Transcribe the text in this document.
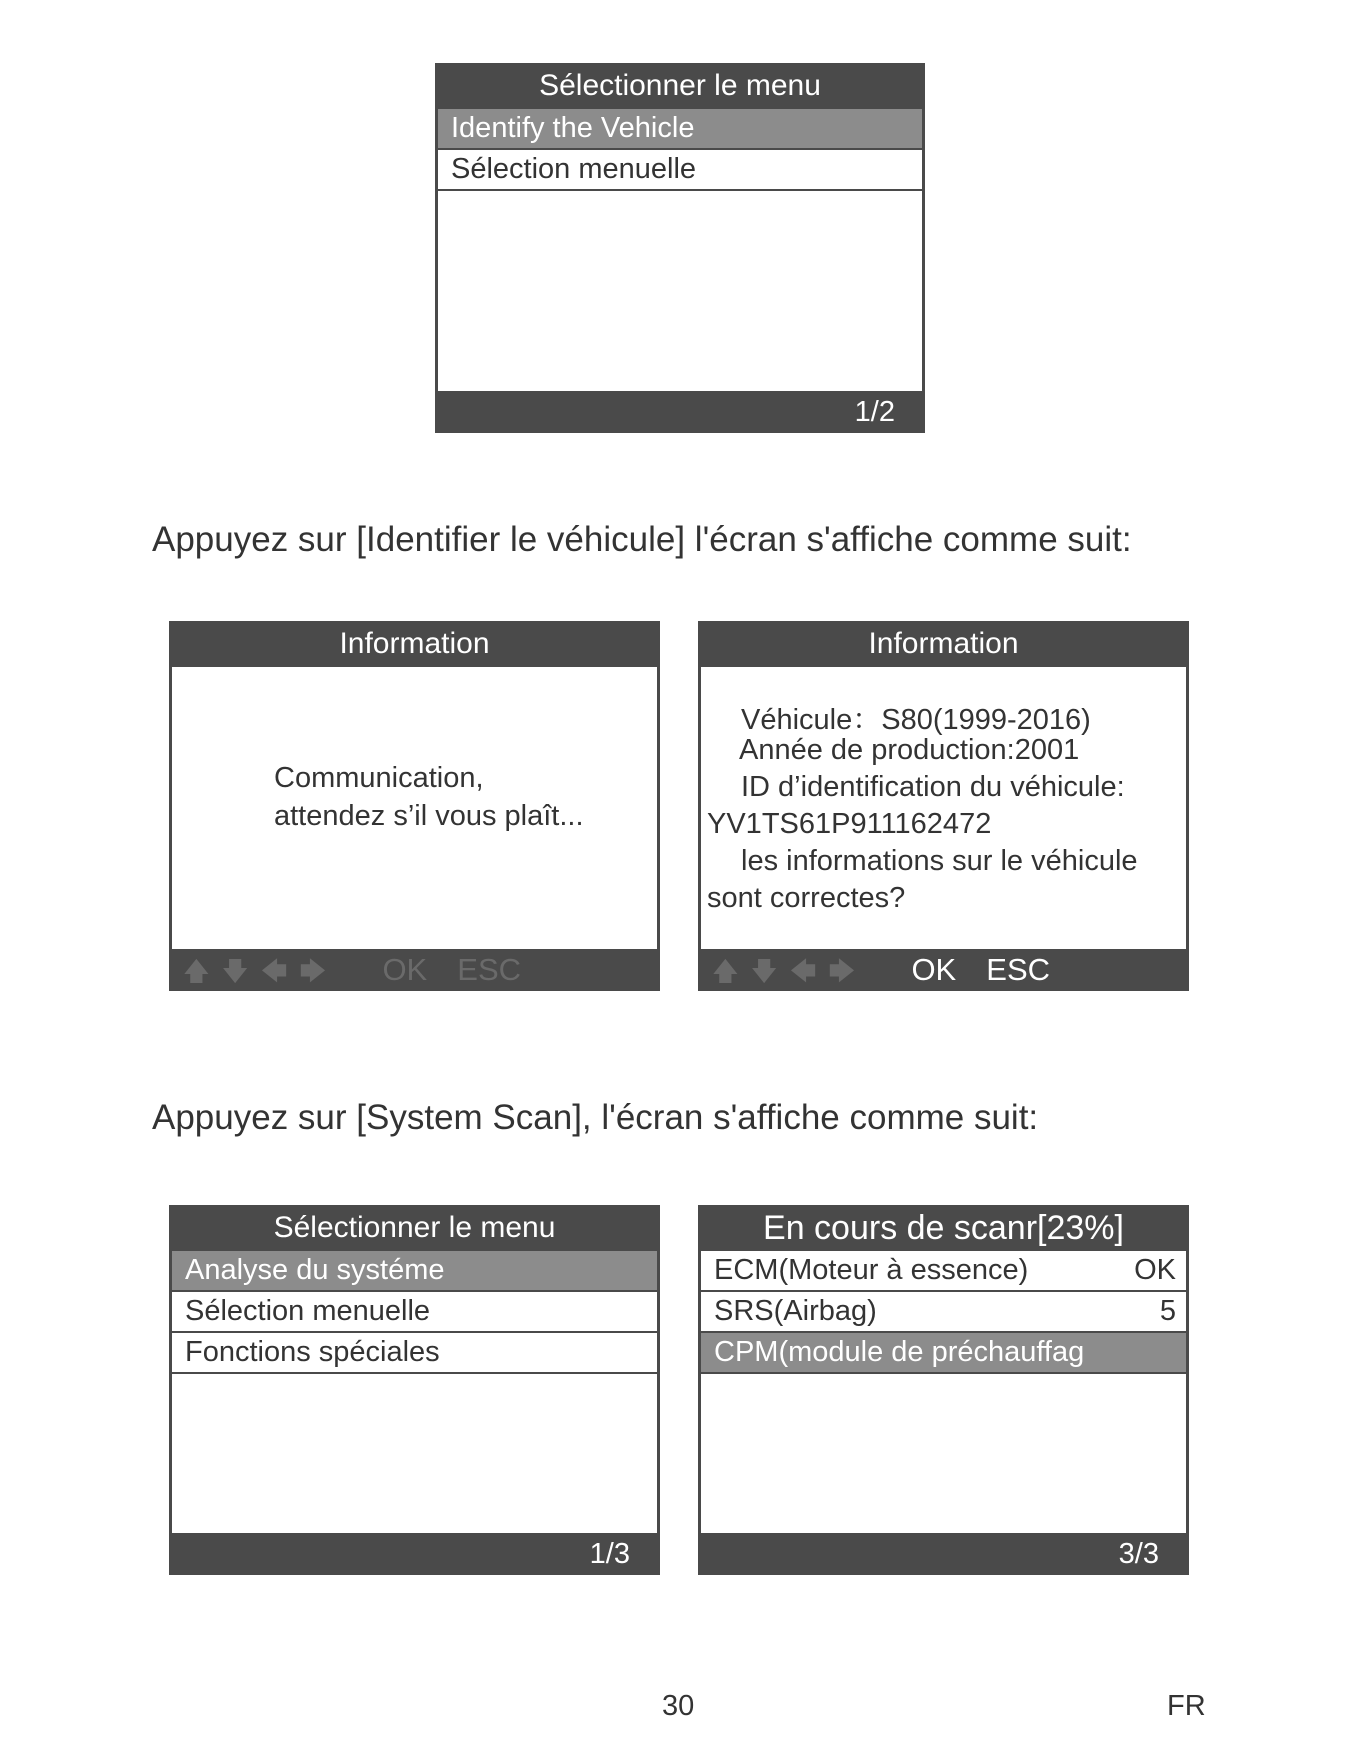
Sélectionner le menu
Identify the Vehicle
Sélection menuelle
1/2
Appuyez sur [Identifier le véhicule] l'écran s'affiche comme suit:
Information
Communication,
attendez s’il vous plaît...
🡅 🡇 🡄 🡆 OK ESC
Information
Véhicule：S80(1999-2016)
Année de production:2001
ID d’identification du véhicule:
YV1TS61P911162472
les informations sur le véhicule
sont correctes?
🡅 🡇 🡄 🡆 OK ESC
Appuyez sur [System Scan], l'écran s'affiche comme suit:
Sélectionner le menu
Analyse du systéme
Sélection menuelle
Fonctions spéciales
1/3
En cours de scanr[23%]
ECM(Moteur à essence)	OK
SRS(Airbag)	5
CPM(module de préchauffag
3/3
30	FR
